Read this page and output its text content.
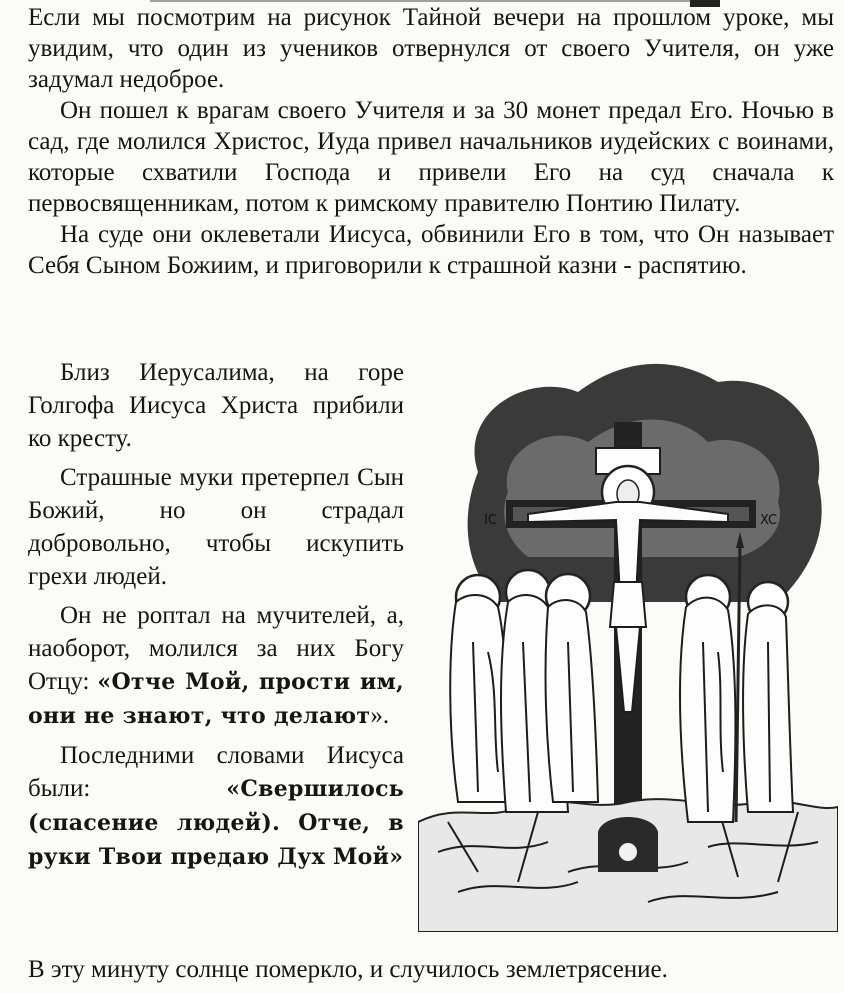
Если мы посмотрим на рисунок Тайной вечери на прошлом уроке, мы увидим, что один из учеников отвернулся от своего Учителя, он уже задумал недоброе.

Он пошел к врагам своего Учителя и за 30 монет предал Его. Ночью в сад, где молился Христос, Иуда привел начальников иудейских с воинами, которые схватили Господа и привели Его на суд сначала к первосвященникам, потом к римскому правителю Понтию Пилату.

На суде они оклеветали Иисуса, обвинили Его в том, что Он называет Себя Сыном Божиим, и приговорили к страшной казни - распятию.

Близ Иерусалима, на горе Голгофа Иисуса Христа прибили ко кресту.

Страшные муки претерпел Сын Божий, но он страдал добровольно, чтобы искупить грехи людей.

Он не роптал на мучителей, а, наоборот, молился за них Богу Отцу: «Отче Мой, прости им, они не знают, что делают».

Последними словами Иисуса были: «Свершилось (спасение людей). Отче, в руки Твои предаю Дух Мой»

IC	XC

В эту минуту солнце померкло, и случилось землетрясение.
